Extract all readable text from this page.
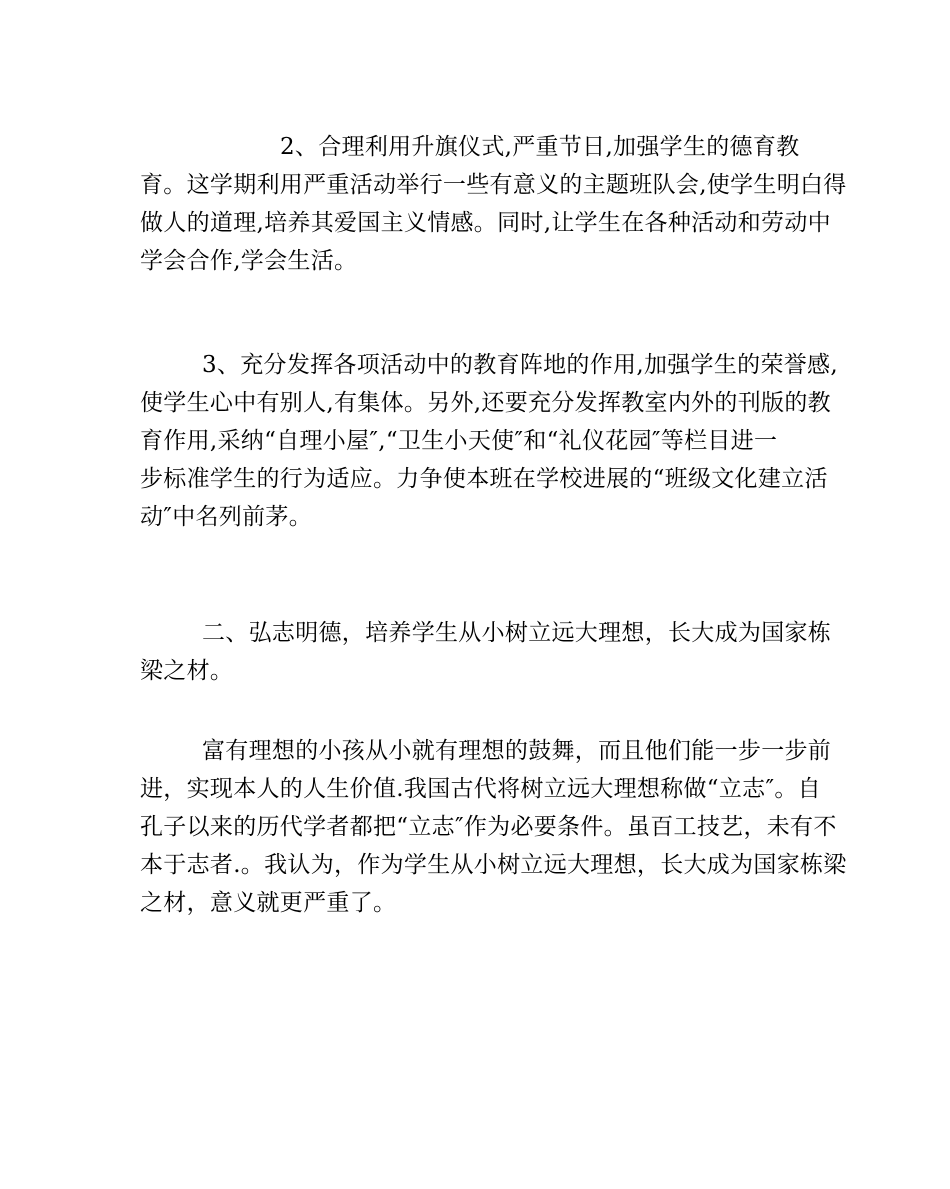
2、合理利用升旗仪式,严重节日,加强学生的德育教
育。这学期利用严重活动举行一些有意义的主题班队会,使学生明白得
做人的道理,培养其爱国主义情感。同时,让学生在各种活动和劳动中
学会合作,学会生活。
3、充分发挥各项活动中的教育阵地的作用,加强学生的荣誉感,
使学生心中有别人,有集体。另外,还要充分发挥教室内外的刊版的教
育作用,采纳“自理小屋″,“卫生小天使″和“礼仪花园″等栏目进一
步标准学生的行为适应。力争使本班在学校进展的“班级文化建立活
动″中名列前茅。
二、弘志明德，培养学生从小树立远大理想，长大成为国家栋
梁之材。
富有理想的小孩从小就有理想的鼓舞，而且他们能一步一步前
进，实现本人的人生价值.我国古代将树立远大理想称做“立志″。自
孔子以来的历代学者都把“立志″作为必要条件。虽百工技艺，未有不
本于志者.。我认为，作为学生从小树立远大理想，长大成为国家栋梁
之材，意义就更严重了。
